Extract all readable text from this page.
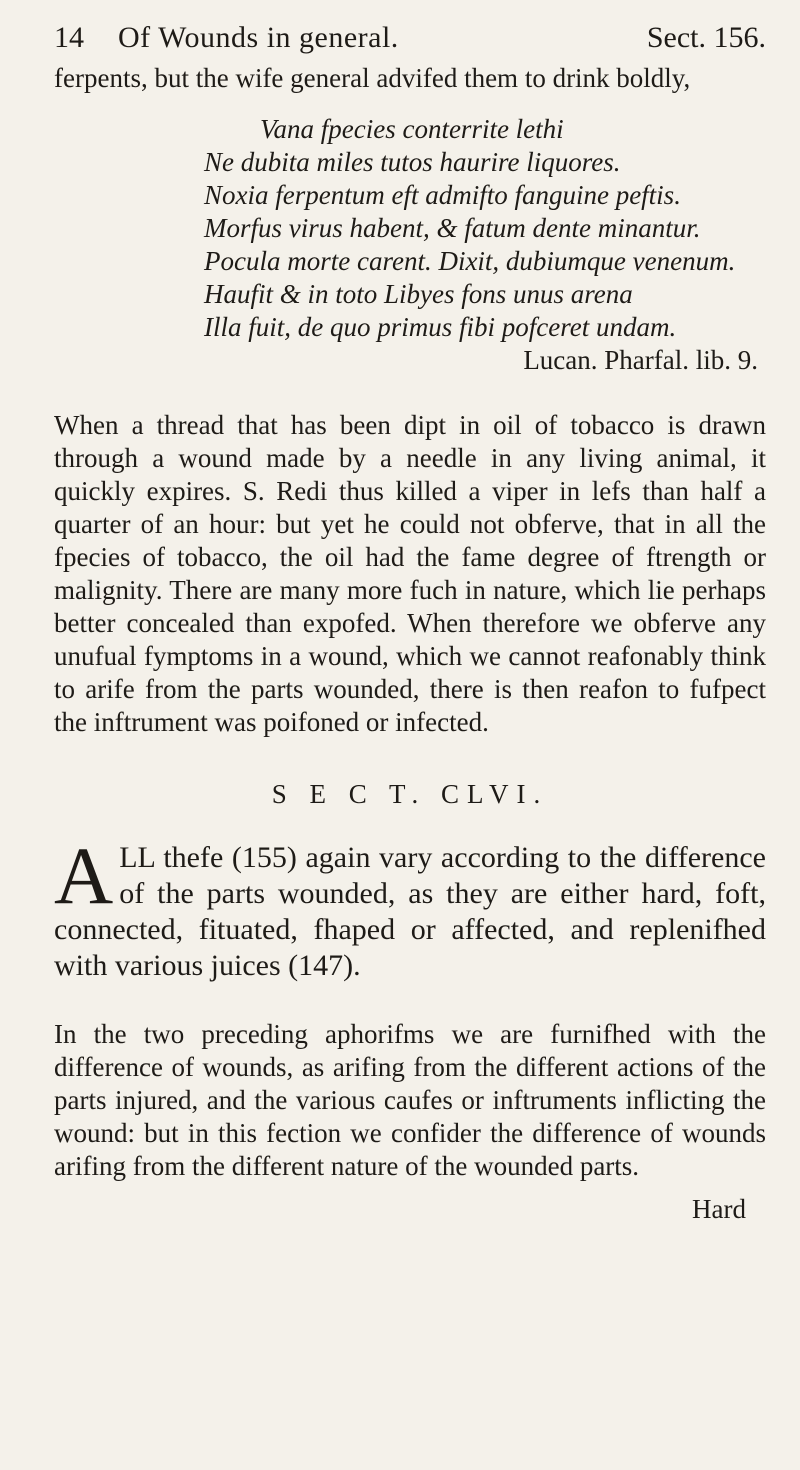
14	Of Wounds in general.	Sect. 156.

ferpents, but the wife general advifed them to drink boldly,

Vana fpecies conterrite lethi
Ne dubita miles tutos haurire liquores.
Noxia ferpentum eft admifto fanguine peftis.
Morfus virus habent, & fatum dente minantur.
Pocula morte carent. Dixit, dubiumque venenum.
Haufit & in toto Libyes fons unus arena
Illa fuit, de quo primus fibi pofceret undam.

Lucan. Pharfal. lib. 9.

When a thread that has been dipt in oil of tobacco is drawn through a wound made by a needle in any living animal, it quickly expires. S. Redi thus killed a viper in lefs than half a quarter of an hour: but yet he could not obferve, that in all the fpecies of tobacco, the oil had the fame degree of ftrength or malignity. There are many more fuch in nature, which lie perhaps better concealed than expofed. When therefore we obferve any unufual fymptoms in a wound, which we cannot reafonably think to arife from the parts wounded, there is then reafon to fufpect the inftrument was poifoned or infected.

S E C T. CLVI.

ALL thefe (155) again vary according to the difference of the parts wounded, as they are either hard, foft, connected, fituated, fhaped or affected, and replenifhed with various juices (147).

In the two preceding aphorifms we are furnifhed with the difference of wounds, as arifing from the different actions of the parts injured, and the various caufes or inftruments inflicting the wound: but in this fection we confider the difference of wounds arifing from the different nature of the wounded parts.

Hard
